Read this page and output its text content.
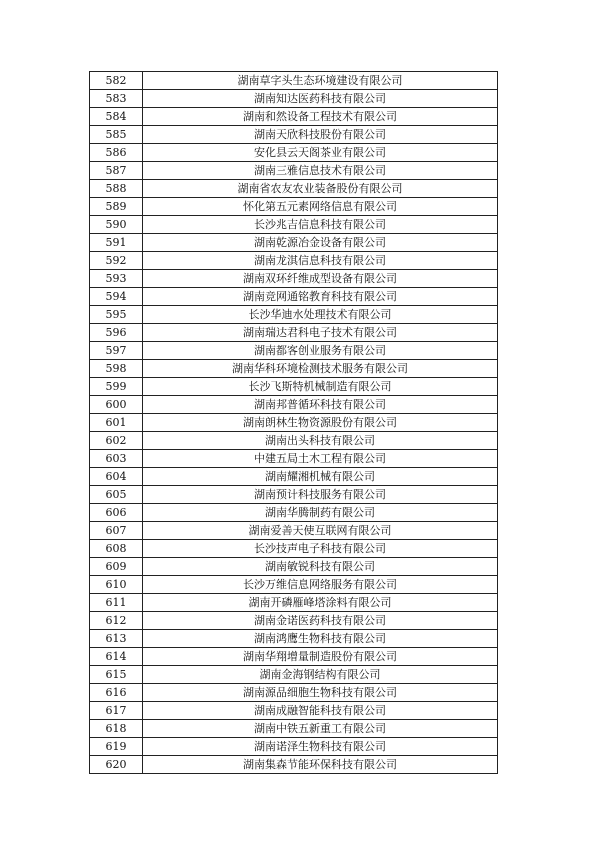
582	湖南草字头生态环境建设有限公司
583	湖南知达医药科技有限公司
584	湖南和然设备工程技术有限公司
585	湖南天欣科技股份有限公司
586	安化县云天阁茶业有限公司
587	湖南三雅信息技术有限公司
588	湖南省农友农业装备股份有限公司
589	怀化第五元素网络信息有限公司
590	长沙兆吉信息科技有限公司
591	湖南乾源冶金设备有限公司
592	湖南龙淇信息科技有限公司
593	湖南双环纤维成型设备有限公司
594	湖南竞网通铭教育科技有限公司
595	长沙华迪水处理技术有限公司
596	湖南瑞达君科电子技术有限公司
597	湖南都客创业服务有限公司
598	湖南华科环境检测技术服务有限公司
599	长沙飞斯特机械制造有限公司
600	湖南邦普循环科技有限公司
601	湖南朗林生物资源股份有限公司
602	湖南出头科技有限公司
603	中建五局土木工程有限公司
604	湖南耀湘机械有限公司
605	湖南预计科技服务有限公司
606	湖南华腾制药有限公司
607	湖南爱善天使互联网有限公司
608	长沙技声电子科技有限公司
609	湖南敏锐科技有限公司
610	长沙万维信息网络服务有限公司
611	湖南开磷雁峰塔涂料有限公司
612	湖南金诺医药科技有限公司
613	湖南鸿鹰生物科技有限公司
614	湖南华翔增量制造股份有限公司
615	湖南金海钢结构有限公司
616	湖南源品细胞生物科技有限公司
617	湖南成融智能科技有限公司
618	湖南中铁五新重工有限公司
619	湖南诺泽生物科技有限公司
620	湖南集森节能环保科技有限公司
